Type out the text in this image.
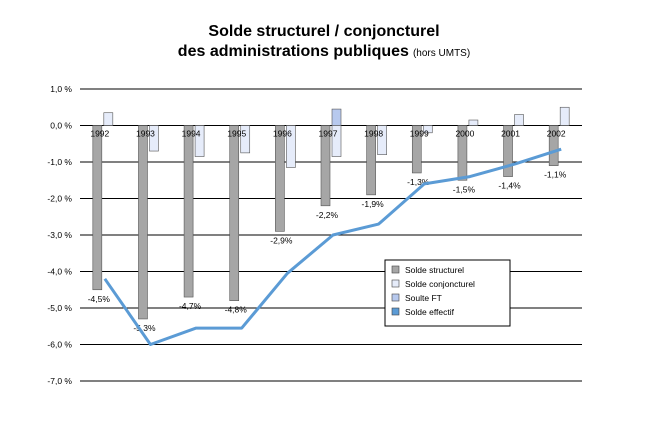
Solde structurel / conjoncturel
des administrations publiques (hors UMTS)
1,0 %
0,0 %
-1,0 %
-2,0 %
-3,0 %
-4,0 %
-5,0 %
-6,0 %
-7,0 %
1992	1993	1994	1995	1996	1997	1998	1999	2000	2001	2002
-4,5%
-5,3%
-4,7%	-4,8%
-2,9%
-2,2%
-1,9%
-1,3%
-1,5%	-1,4%
-1,1%
Solde structurel
Solde conjoncturel
Soulte FT
Solde effectif
